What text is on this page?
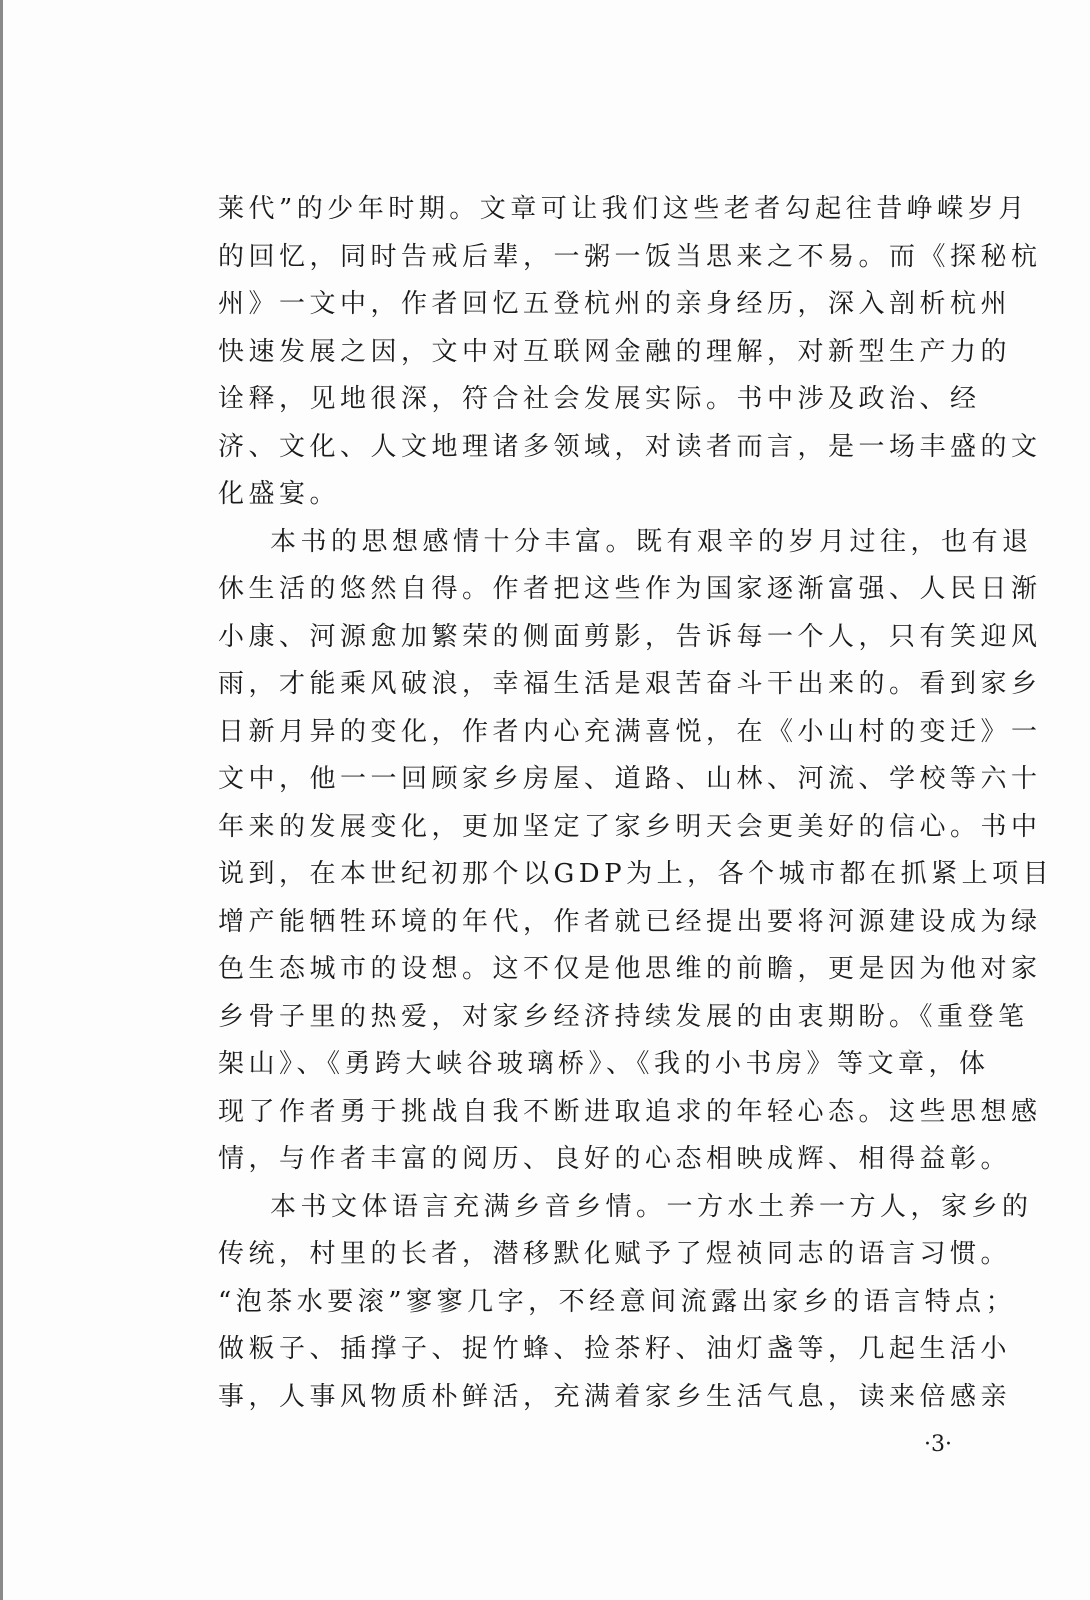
莱代”的少年时期。文章可让我们这些老者勾起往昔峥嵘岁月
的回忆，同时告戒后辈，一粥一饭当思来之不易。而《探秘杭
州》一文中，作者回忆五登杭州的亲身经历，深入剖析杭州
快速发展之因，文中对互联网金融的理解，对新型生产力的
诠释，见地很深，符合社会发展实际。书中涉及政治、经
济、文化、人文地理诸多领域，对读者而言，是一场丰盛的文
化盛宴。
本书的思想感情十分丰富。既有艰辛的岁月过往，也有退
休生活的悠然自得。作者把这些作为国家逐渐富强、人民日渐
小康、河源愈加繁荣的侧面剪影，告诉每一个人，只有笑迎风
雨，才能乘风破浪，幸福生活是艰苦奋斗干出来的。看到家乡
日新月异的变化，作者内心充满喜悦，在《小山村的变迁》一
文中，他一一回顾家乡房屋、道路、山林、河流、学校等六十
年来的发展变化，更加坚定了家乡明天会更美好的信心。书中
说到，在本世纪初那个以GDP为上，各个城市都在抓紧上项目
增产能牺牲环境的年代，作者就已经提出要将河源建设成为绿
色生态城市的设想。这不仅是他思维的前瞻，更是因为他对家
乡骨子里的热爱，对家乡经济持续发展的由衷期盼。《重登笔
架山》、《勇跨大峡谷玻璃桥》、《我的小书房》等文章，体
现了作者勇于挑战自我不断进取追求的年轻心态。这些思想感
情，与作者丰富的阅历、良好的心态相映成辉、相得益彰。
本书文体语言充满乡音乡情。一方水土养一方人，家乡的
传统，村里的长者，潜移默化赋予了煜祯同志的语言习惯。
“泡茶水要滚”寥寥几字，不经意间流露出家乡的语言特点；
做粄子、插撑子、捉竹蜂、捡茶籽、油灯盏等，几起生活小
事，人事风物质朴鲜活，充满着家乡生活气息，读来倍感亲
·3·
